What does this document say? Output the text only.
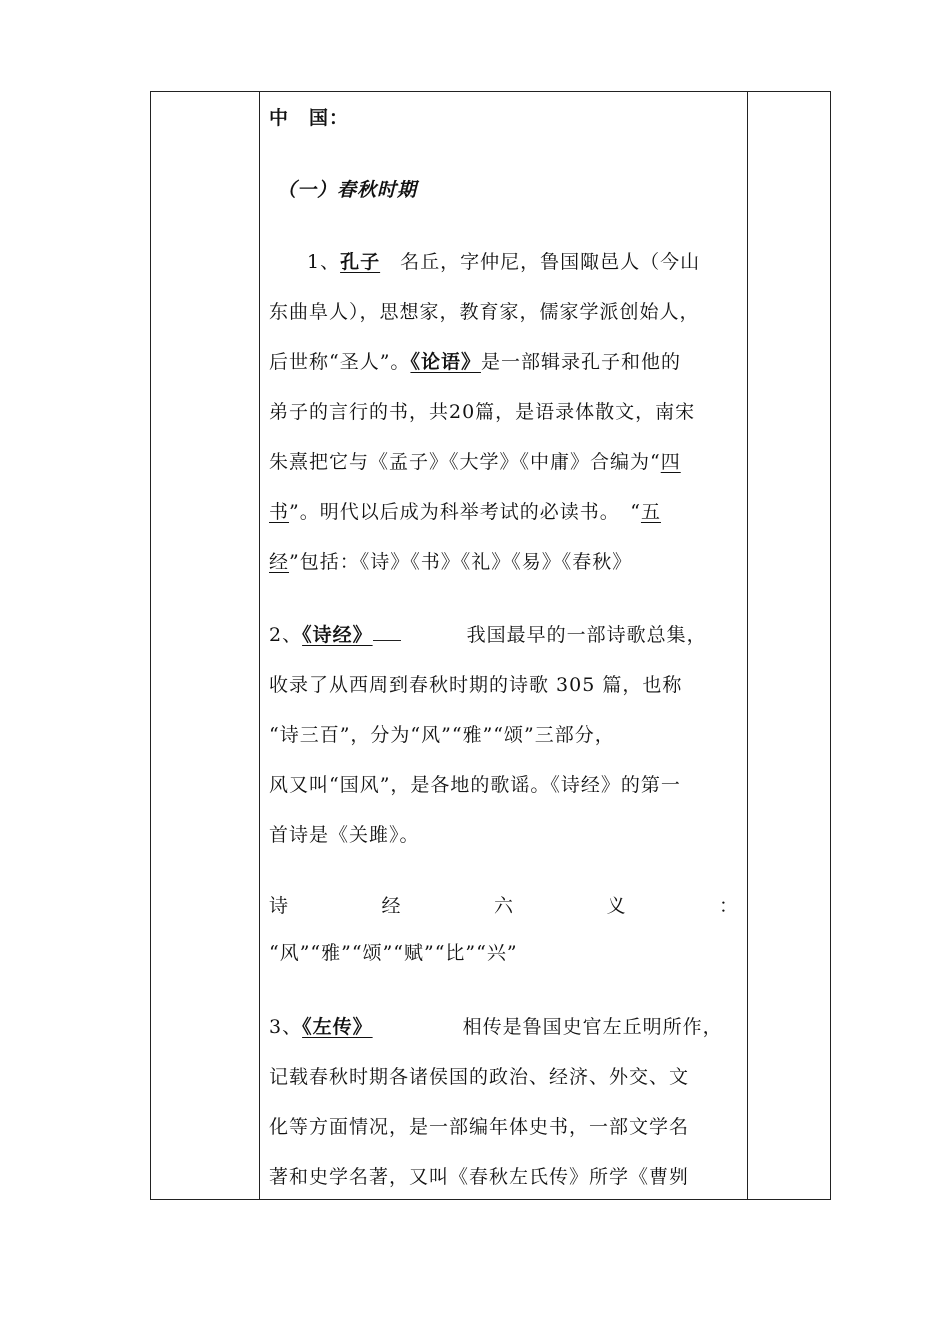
中　国：
（一）春秋时期
1、孔子　名丘，字仲尼，鲁国陬邑人（今山
东曲阜人），思想家，教育家，儒家学派创始人，
后世称“圣人”。《论语》是一部辑录孔子和他的
弟子的言行的书，共20篇，是语录体散文，南宋
朱熹把它与《孟子》《大学》《中庸》合编为“四
书”。明代以后成为科举考试的必读书。　“五
经”包括：《诗》《书》《礼》《易》《春秋》
2、《诗经》	我国最早的一部诗歌总集，
收录了从西周到春秋时期的诗歌 305 篇，也称
“诗三百”，分为“风”“雅”“颂”三部分，
风又叫“国风”，是各地的歌谣。《诗经》的第一
首诗是《关雎》。
诗	经	六	义	：
“风”“雅”“颂”“赋”“比”“兴”
3、《左传》	相传是鲁国史官左丘明所作，
记载春秋时期各诸侯国的政治、经济、外交、文
化等方面情况，是一部编年体史书，一部文学名
著和史学名著，又叫《春秋左氏传》所学《曹刿
